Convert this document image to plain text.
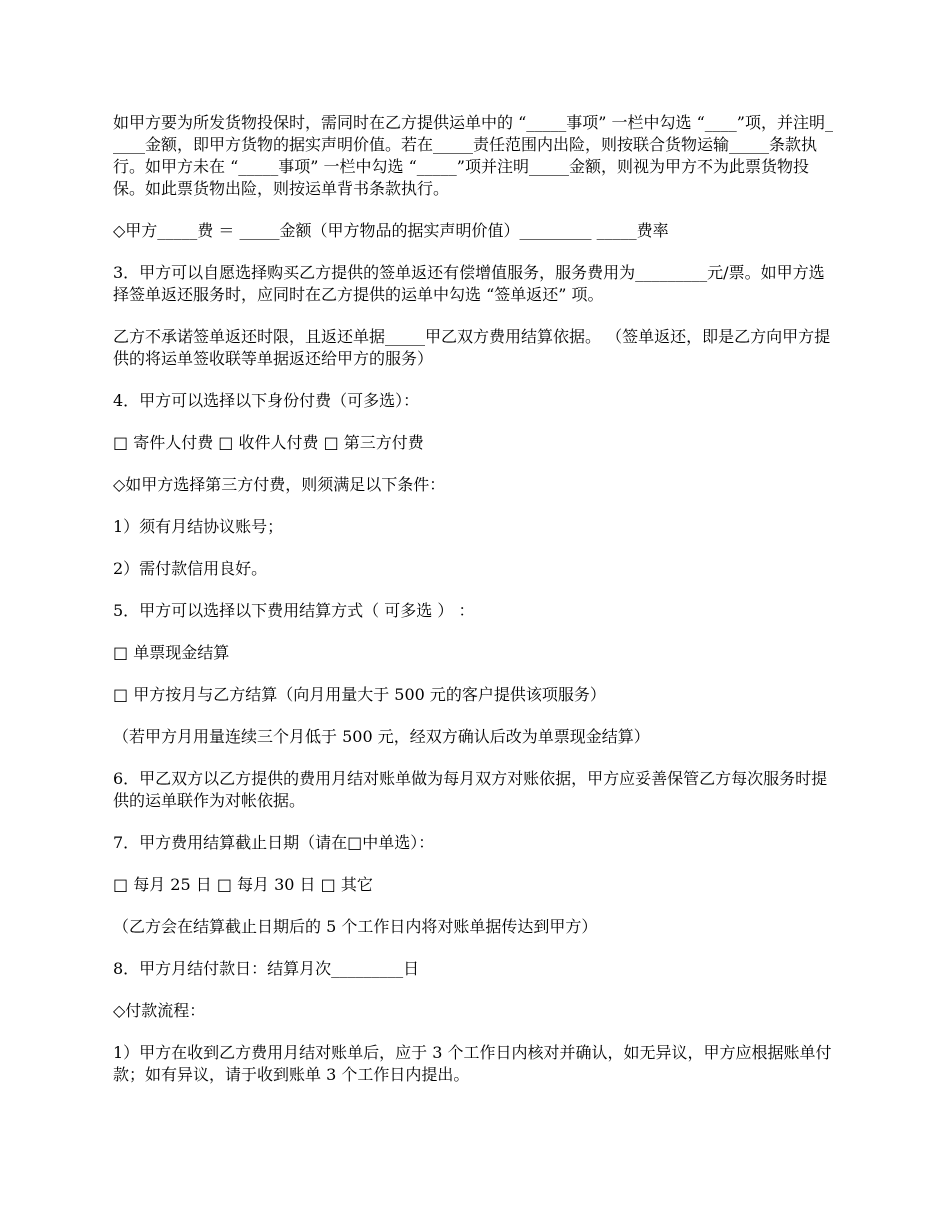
如甲方要为所发货物投保时，需同时在乙方提供运单中的 “_____事项” 一栏中勾选 “____”项，并注明_____金额，即甲方货物的据实声明价值。若在_____责任范围内出险，则按联合货物运输_____条款执行。如甲方未在 “_____事项” 一栏中勾选 “_____”项并注明_____金额，则视为甲方不为此票货物投保。如此票货物出险，则按运单背书条款执行。

◇甲方_____费 ＝ _____金额（甲方物品的据实声明价值）_________ _____费率

3．甲方可以自愿选择购买乙方提供的签单返还有偿增值服务，服务费用为_________元/票。如甲方选择签单返还服务时，应同时在乙方提供的运单中勾选 “签单返还” 项。

乙方不承诺签单返还时限，且返还单据_____甲乙双方费用结算依据。 （签单返还，即是乙方向甲方提供的将运单签收联等单据返还给甲方的服务）

4．甲方可以选择以下身份付费（可多选）：

□ 寄件人付费 □ 收件人付费 □ 第三方付费

◇如甲方选择第三方付费，则须满足以下条件：

1）须有月结协议账号；

2）需付款信用良好。

5．甲方可以选择以下费用结算方式（ 可多选 ） ：

□ 单票现金结算

□ 甲方按月与乙方结算（向月用量大于 500 元的客户提供该项服务）

（若甲方月用量连续三个月低于 500 元，经双方确认后改为单票现金结算）

6．甲乙双方以乙方提供的费用月结对账单做为每月双方对账依据，甲方应妥善保管乙方每次服务时提供的运单联作为对帐依据。

7．甲方费用结算截止日期（请在□中单选）：

□ 每月 25 日 □ 每月 30 日 □ 其它

（乙方会在结算截止日期后的 5 个工作日内将对账单据传达到甲方）

8．甲方月结付款日：结算月次_________日

◇付款流程：

1）甲方在收到乙方费用月结对账单后，应于 3 个工作日内核对并确认，如无异议，甲方应根据账单付款；如有异议，请于收到账单 3 个工作日内提出。
